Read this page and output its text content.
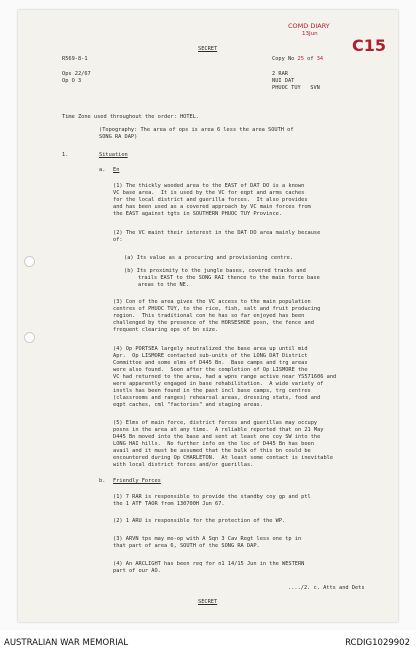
COMD DIARY
13Jun
C15
SECRET
R569-8-1	Copy No 25 of 34
Ops 22/67
Op O 3
2 RAR
NUI DAT
PHUOC TUY SVN
Time Zone used throughout the order: HOTEL.
(Topography: The area of ops is area 6 less the area SOUTH of
SONG RA DAP)
1.	Situation
a. En
(1) The thickly wooded area to the EAST of DAT DO is a known
VC base area.  It is used by the VC for eqpt and arms caches
for the local district and guerilla forces.  It also provides
and has been used as a covered approach by VC main forces from
the EAST against tgts in SOUTHERN PHUOC TUY Province.
(2) The VC maint their interest in the DAT DO area mainly because
of:
(a) Its value as a procuring and provisioning centre.
(b) Its proximity to the jungle bases, covered tracks and
trails EAST to the SONG RAI thence to the main force base
areas to the NE.
(3) Con of the area gives the VC access to the main population
centres of PHUOC TUY, to the rice, fish, salt and fruit producing
region.  This traditional con he has so far enjoyed has been
challenged by the presence of the HORSESHOE posn, the fence and
frequent clearing ops of bn size.
(4) Op PORTSEA largely neutralized the base area up until mid
Apr.  Op LISMORE contacted sub-units of the LONG DAT District
Committee and some elms of D445 Bn.  Base camps and trg areas
were also found.  Soon after the completion of Op LISMORE the
VC had returned to the area, had a wpns range active near YS571606 and
were apparently engaged in base rehabilitation.  A wide variety of
instls has been found in the past incl base camps, trg centres
(classrooms and ranges) rehearsal areas, dressing stats, food and
eqpt caches, cml "factories" and staging areas.
(5) Elms of main force, district forces and guerillas may occupy
posns in the area at any time.  A reliable reported that on 21 May
D445 Bn moved into the base and sent at least one coy SW into the
LONG HAI hills.  No further info on the loc of D445 Bn has been
avail and it must be assumed that the bulk of this bn could be
encountered during Op CHARLETON.  At least some contact is inevitable
with local district forces and/or guerillas.
b. Friendly Forces
(1) 7 RAR is responsible to provide the standby coy gp and ptl
the 1 ATF TAOR from 130700H Jun 67.
(2) 1 ARU is responsible for the protection of the WP.
(3) ARVN tps may mo-op with A Sqn 3 Cav Regt less one tp in
that part of area 6, SOUTH of the SONG RA DAP.
(4) An ARCLIGHT has been req for n1 14/15 Jun in the WESTERN
part of our AO.
..../2. c. Atts and Dets
SECRET
AUSTRALIAN WAR MEMORIAL	RCDIG1029902
